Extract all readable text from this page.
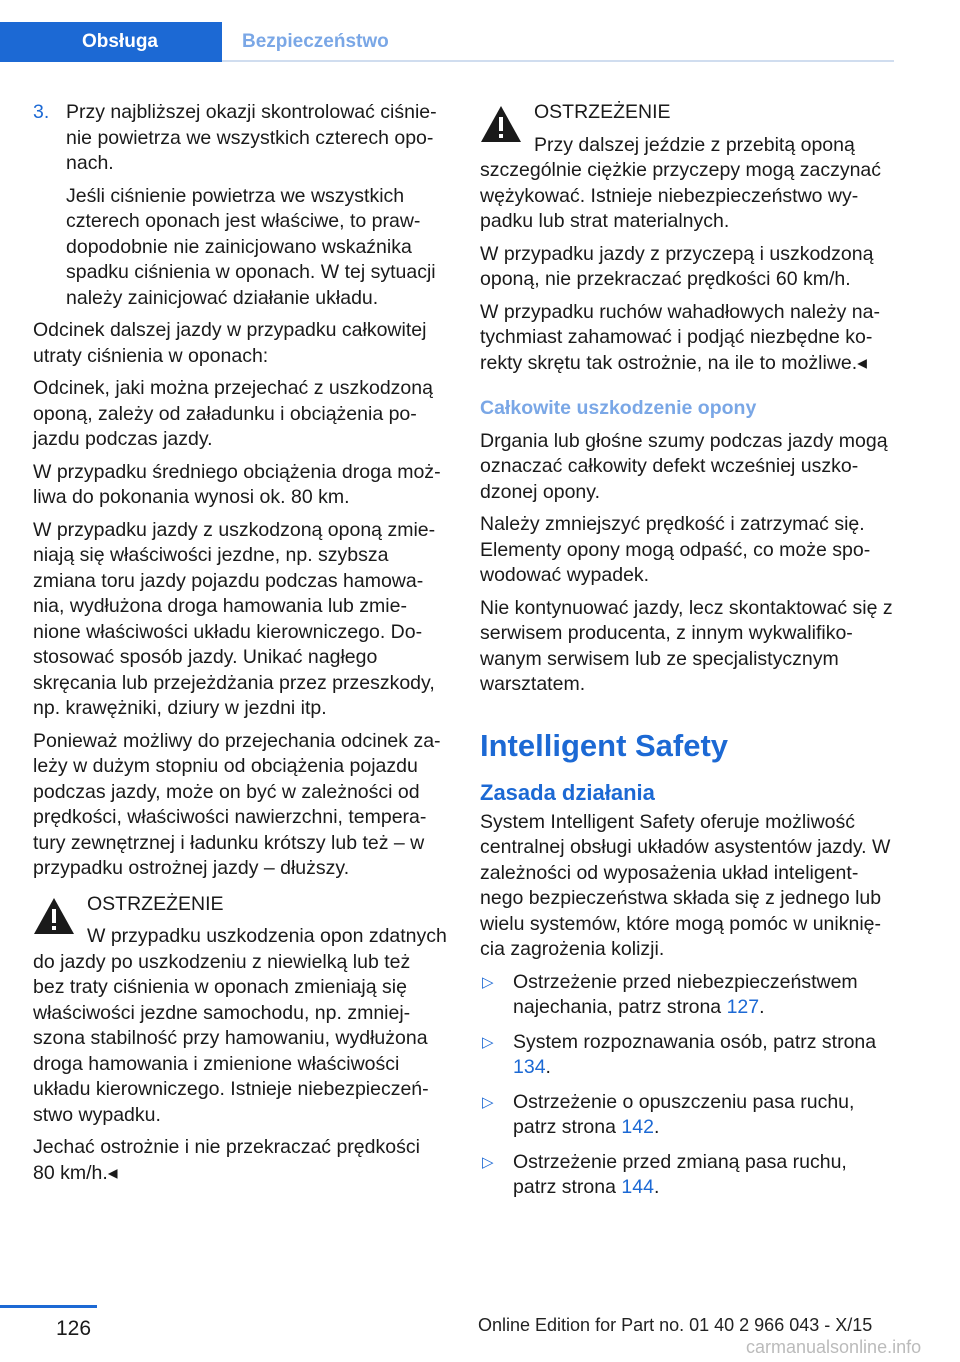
Obsługa	Bezpieczeństwo
3. Przy najbliższej okazji skontrolować ciśnienie powietrza we wszystkich czterech oponach.

Jeśli ciśnienie powietrza we wszystkich czterech oponach jest właściwe, to prawdopodobnie nie zainicjowano wskaźnika spadku ciśnienia w oponach. W tej sytuacji należy zainicjować działanie układu.

Odcinek dalszej jazdy w przypadku całkowitej utraty ciśnienia w oponach:

Odcinek, jaki można przejechać z uszkodzoną oponą, zależy od załadunku i obciążenia pojazdu podczas jazdy.

W przypadku średniego obciążenia droga możliwa do pokonania wynosi ok. 80 km.

W przypadku jazdy z uszkodzoną oponą zmieniają się właściwości jezdne, np. szybsza zmiana toru jazdy pojazdu podczas hamowania, wydłużona droga hamowania lub zmienione właściwości układu kierowniczego. Dostosować sposób jazdy. Unikać nagłego skręcania lub przejeżdżania przez przeszkody, np. krawężniki, dziury w jezdni itp.

Ponieważ możliwy do przejechania odcinek zależy w dużym stopniu od obciążenia pojazdu podczas jazdy, może on być w zależności od prędkości, właściwości nawierzchni, temperatury zewnętrznej i ładunku krótszy lub też – w przypadku ostrożnej jazdy – dłuższy.

OSTRZEŻENIE

W przypadku uszkodzenia opon zdatnych do jazdy po uszkodzeniu z niewielką lub też bez traty ciśnienia w oponach zmieniają się właściwości jezdne samochodu, np. zmniejszona stabilność przy hamowaniu, wydłużona droga hamowania i zmienione właściwości układu kierowniczego. Istnieje niebezpieczeństwo wypadku.

Jechać ostrożnie i nie przekraczać prędkości 80 km/h.◂

OSTRZEŻENIE

Przy dalszej jeździe z przebitą oponą szczególnie ciężkie przyczepy mogą zaczynać wężykować. Istnieje niebezpieczeństwo wypadku lub strat materialnych.

W przypadku jazdy z przyczepą i uszkodzoną oponą, nie przekraczać prędkości 60 km/h.

W przypadku ruchów wahadłowych należy natychmiast zahamować i podjąć niezbędne korekty skrętu tak ostrożnie, na ile to możliwe.◂

Całkowite uszkodzenie opony

Drgania lub głośne szumy podczas jazdy mogą oznaczać całkowity defekt wcześniej uszkodzonej opony.

Należy zmniejszyć prędkość i zatrzymać się. Elementy opony mogą odpaść, co może spowodować wypadek.

Nie kontynuować jazdy, lecz skontaktować się z serwisem producenta, z innym wykwalifikowanym serwisem lub ze specjalistycznym warsztatem.

Intelligent Safety
Zasada działania

System Intelligent Safety oferuje możliwość centralnej obsługi układów asystentów jazdy. W zależności od wyposażenia układ inteligentnego bezpieczeństwa składa się z jednego lub wielu systemów, które mogą pomóc w uniknięcia zagrożenia kolizji.

▷ Ostrzeżenie przed niebezpieczeństwem najechania, patrz strona 127.
▷ System rozpoznawania osób, patrz strona 134.
▷ Ostrzeżenie o opuszczeniu pasa ruchu, patrz strona 142.
▷ Ostrzeżenie przed zmianą pasa ruchu, patrz strona 144.
126	Online Edition for Part no. 01 40 2 966 043 - X/15
carmanualsonline.info
